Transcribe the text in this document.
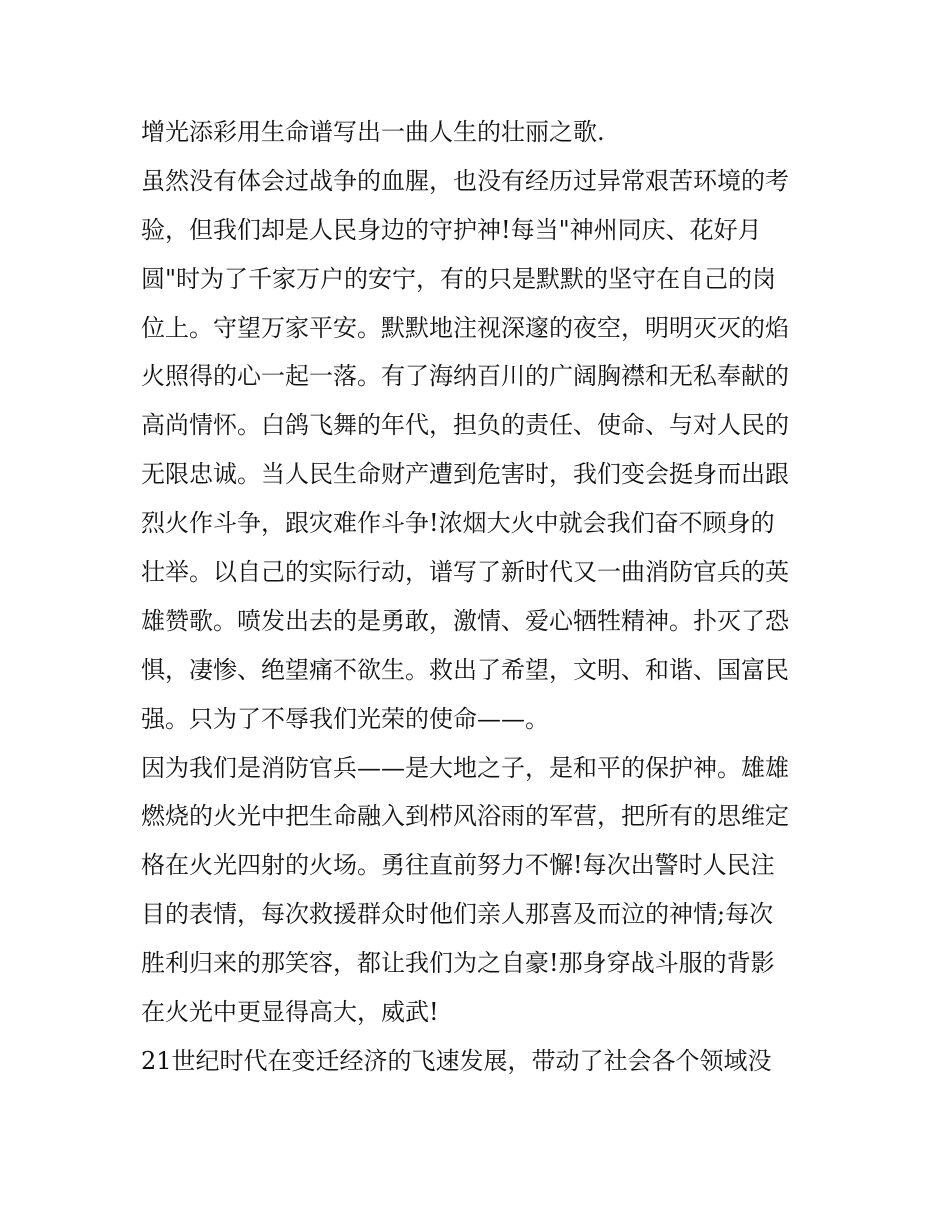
增光添彩用生命谱写出一曲人生的壮丽之歌.
虽然没有体会过战争的血腥，也没有经历过异常艰苦环境的考
验，但我们却是人民身边的守护神!每当"神州同庆、花好月
圆"时为了千家万户的安宁，有的只是默默的坚守在自己的岗
位上。守望万家平安。默默地注视深邃的夜空，明明灭灭的焰
火照得的心一起一落。有了海纳百川的广阔胸襟和无私奉献的
高尚情怀。白鸽飞舞的年代，担负的责任、使命、与对人民的
无限忠诚。当人民生命财产遭到危害时，我们变会挺身而出跟
烈火作斗争，跟灾难作斗争!浓烟大火中就会我们奋不顾身的
壮举。以自己的实际行动，谱写了新时代又一曲消防官兵的英
雄赞歌。喷发出去的是勇敢，激情、爱心牺牲精神。扑灭了恐
惧，凄惨、绝望痛不欲生。救出了希望，文明、和谐、国富民
强。只为了不辱我们光荣的使命——。
因为我们是消防官兵——是大地之子，是和平的保护神。雄雄
燃烧的火光中把生命融入到栉风浴雨的军营，把所有的思维定
格在火光四射的火场。勇往直前努力不懈!每次出警时人民注
目的表情，每次救援群众时他们亲人那喜及而泣的神情;每次
胜利归来的那笑容，都让我们为之自豪!那身穿战斗服的背影
在火光中更显得高大，威武!
21世纪时代在变迁经济的飞速发展，带动了社会各个领域没
